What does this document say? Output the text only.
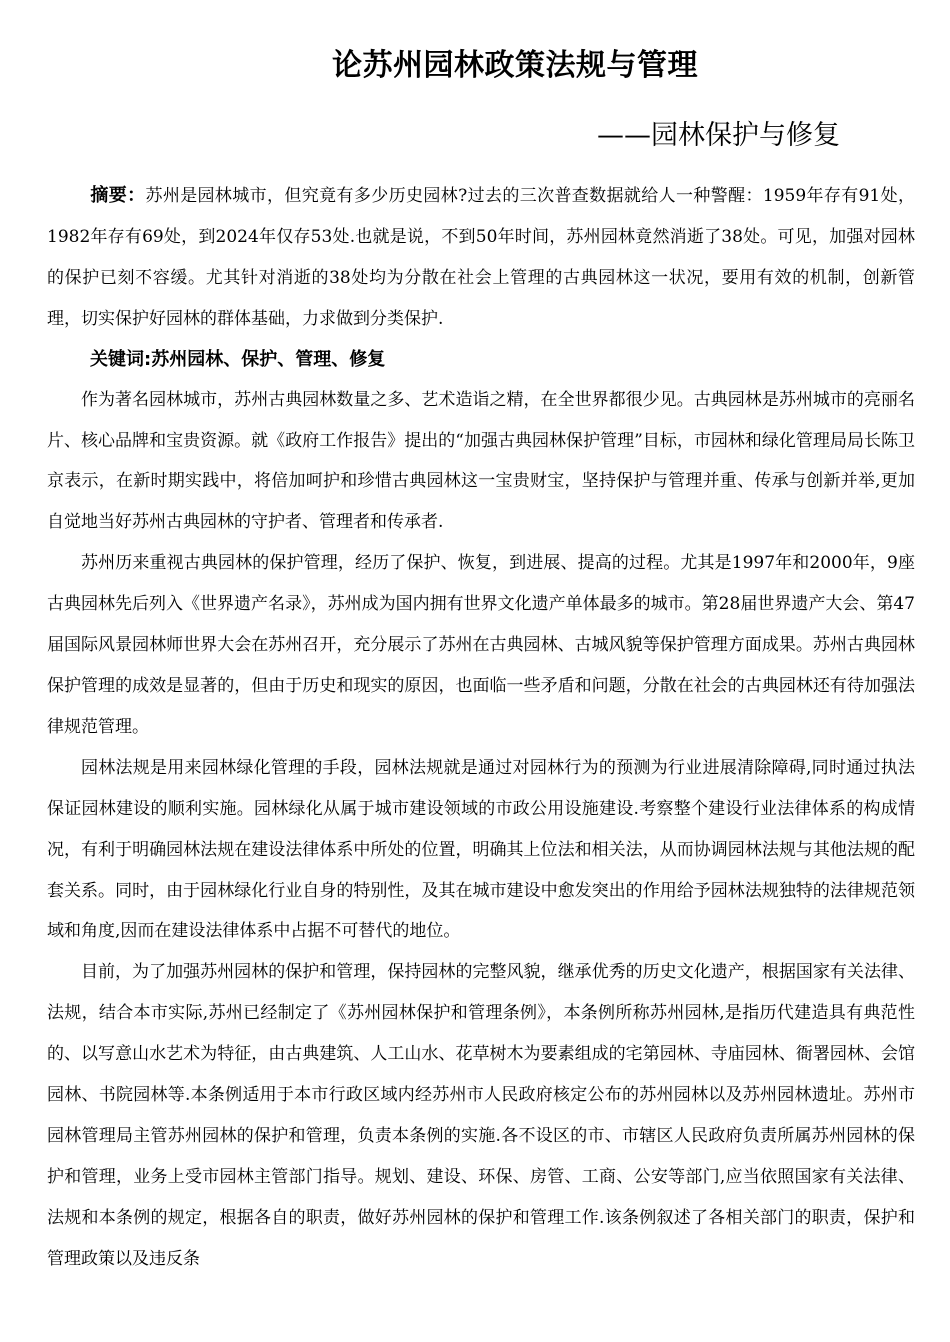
论苏州园林政策法规与管理
——园林保护与修复

摘要：苏州是园林城市，但究竟有多少历史园林?过去的三次普查数据就给人一种警醒：1959年存有91处，1982年存有69处，到2024年仅存53处.也就是说，不到50年时间，苏州园林竟然消逝了38处。可见，加强对园林的保护已刻不容缓。尤其针对消逝的38处均为分散在社会上管理的古典园林这一状况，要用有效的机制，创新管理，切实保护好园林的群体基础，力求做到分类保护.

关键词:苏州园林、保护、管理、修复

作为著名园林城市，苏州古典园林数量之多、艺术造诣之精，在全世界都很少见。古典园林是苏州城市的亮丽名片、核心品牌和宝贵资源。就《政府工作报告》提出的“加强古典园林保护管理”目标，市园林和绿化管理局局长陈卫京表示，在新时期实践中，将倍加呵护和珍惜古典园林这一宝贵财宝，坚持保护与管理并重、传承与创新并举,更加自觉地当好苏州古典园林的守护者、管理者和传承者.

苏州历来重视古典园林的保护管理，经历了保护、恢复，到进展、提高的过程。尤其是1997年和2000年，9座古典园林先后列入《世界遗产名录》，苏州成为国内拥有世界文化遗产单体最多的城市。第28届世界遗产大会、第47届国际风景园林师世界大会在苏州召开，充分展示了苏州在古典园林、古城风貌等保护管理方面成果。苏州古典园林保护管理的成效是显著的，但由于历史和现实的原因，也面临一些矛盾和问题，分散在社会的古典园林还有待加强法律规范管理。

园林法规是用来园林绿化管理的手段，园林法规就是通过对园林行为的预测为行业进展清除障碍,同时通过执法保证园林建设的顺利实施。园林绿化从属于城市建设领域的市政公用设施建设.考察整个建设行业法律体系的构成情况，有利于明确园林法规在建设法律体系中所处的位置，明确其上位法和相关法，从而协调园林法规与其他法规的配套关系。同时，由于园林绿化行业自身的特别性，及其在城市建设中愈发突出的作用给予园林法规独特的法律规范领域和角度,因而在建设法律体系中占据不可替代的地位。

目前，为了加强苏州园林的保护和管理，保持园林的完整风貌，继承优秀的历史文化遗产，根据国家有关法律、法规，结合本市实际,苏州已经制定了《苏州园林保护和管理条例》，本条例所称苏州园林,是指历代建造具有典范性的、以写意山水艺术为特征，由古典建筑、人工山水、花草树木为要素组成的宅第园林、寺庙园林、衙署园林、会馆园林、书院园林等.本条例适用于本市行政区域内经苏州市人民政府核定公布的苏州园林以及苏州园林遗址。苏州市园林管理局主管苏州园林的保护和管理，负责本条例的实施.各不设区的市、市辖区人民政府负责所属苏州园林的保护和管理，业务上受市园林主管部门指导。规划、建设、环保、房管、工商、公安等部门,应当依照国家有关法律、法规和本条例的规定，根据各自的职责，做好苏州园林的保护和管理工作.该条例叙述了各相关部门的职责，保护和管理政策以及违反条
